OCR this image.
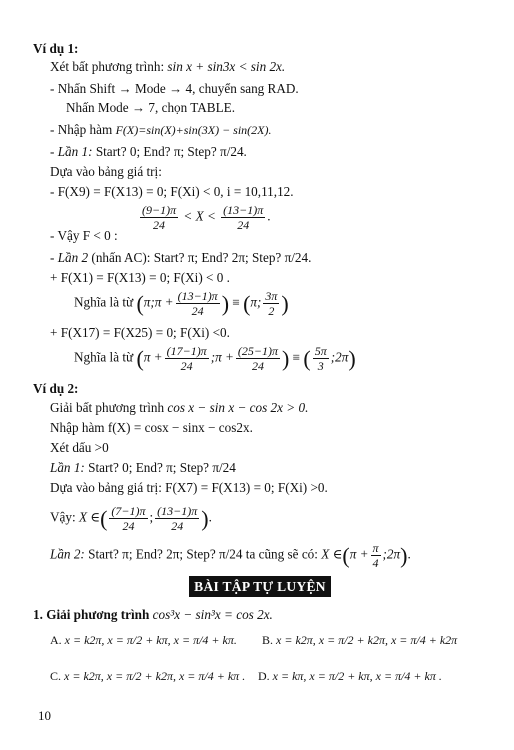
Ví dụ 1:
Xét bất phương trình: sin x + sin3x < sin 2x.
- Nhấn Shift → Mode → 4, chuyển sang RAD.
Nhấn Mode → 7, chọn TABLE.
- Nhập hàm F(X)=sin(X)+sin(3X) − sin(2X).
- Lần 1: Start? 0; End? π; Step? π/24.
Dựa vào bảng giá trị:
- F(X9) = F(X13) = 0; F(Xi) < 0, i = 10,11,12.
$\frac{(9-1)\pi}{24} < X < \frac{(13-1)\pi}{24}$ .
- Vậy F < 0 :
- Lần 2 (nhấn AC): Start? π; End? 2π; Step? π/24.
+ F(X1) = F(X13) = 0; F(Xi) < 0 .
Nghĩa là từ (π;π + $\frac{(13-1)\pi}{24}$ ) ≡ (π; $\frac{3\pi}{2}$ )
+ F(X17) = F(X25) = 0; F(Xi) <0.
Nghĩa là từ ($\pi + \frac{(17-1)\pi}{24}$ ;π + $\frac{(25-1)\pi}{24}$ ) ≡ ( $\frac{5\pi}{3}$ ;2π)
Ví dụ 2:
Giải bất phương trình cos x − sin x − cos 2x > 0.
Nhập hàm f(X) = cosx − sinx − cos2x.
Xét dấu >0
Lần 1: Start? 0; End? π; Step? π/24
Dựa vào bảng giá trị: F(X7) = F(X13) = 0; F(Xi) >0.
Vậy: X ∈( $\frac{(7-1)\pi}{24}$ ; $\frac{(13-1)\pi}{24}$ ).
Lần 2: Start? π; End? 2π; Step? π/24 ta cũng sẽ có: X ∈(π + $\frac{\pi}{4}$ ;2π).
BÀI TẬP TỰ LUYỆN
1. Giải phương trình cos³x − sin³x = cos 2x.
A. x = k2π, x = π/2 + kπ, x = π/4 + kπ. B. x = k2π, x = π/2 + k2π, x = π/4 + k2π
C. x = k2π, x = π/2 + k2π, x = π/4 + kπ . D. x = kπ, x = π/2 + kπ, x = π/4 + kπ .
10
